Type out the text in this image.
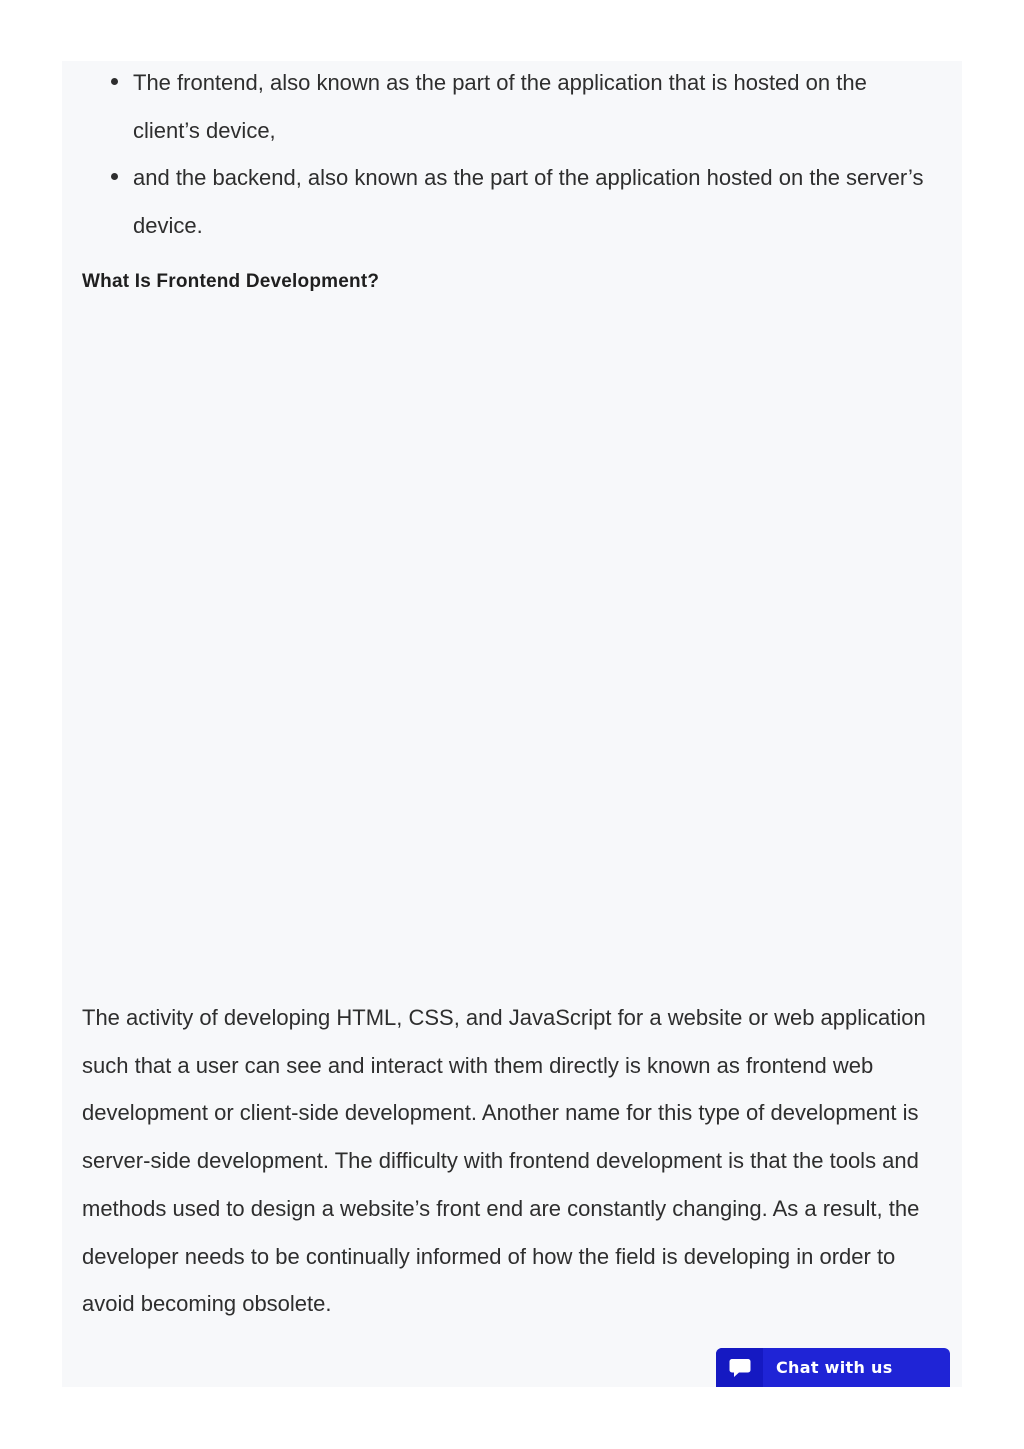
The frontend, also known as the part of the application that is hosted on the client’s device,
and the backend, also known as the part of the application hosted on the server’s device.
What Is Frontend Development?

The activity of developing HTML, CSS, and JavaScript for a website or web application such that a user can see and interact with them directly is known as frontend web development or client-side development. Another name for this type of development is server-side development. The difficulty with frontend development is that the tools and methods used to design a website’s front end are constantly changing. As a result, the developer needs to be continually informed of how the field is developing in order to avoid becoming obsolete.

Chat with us
